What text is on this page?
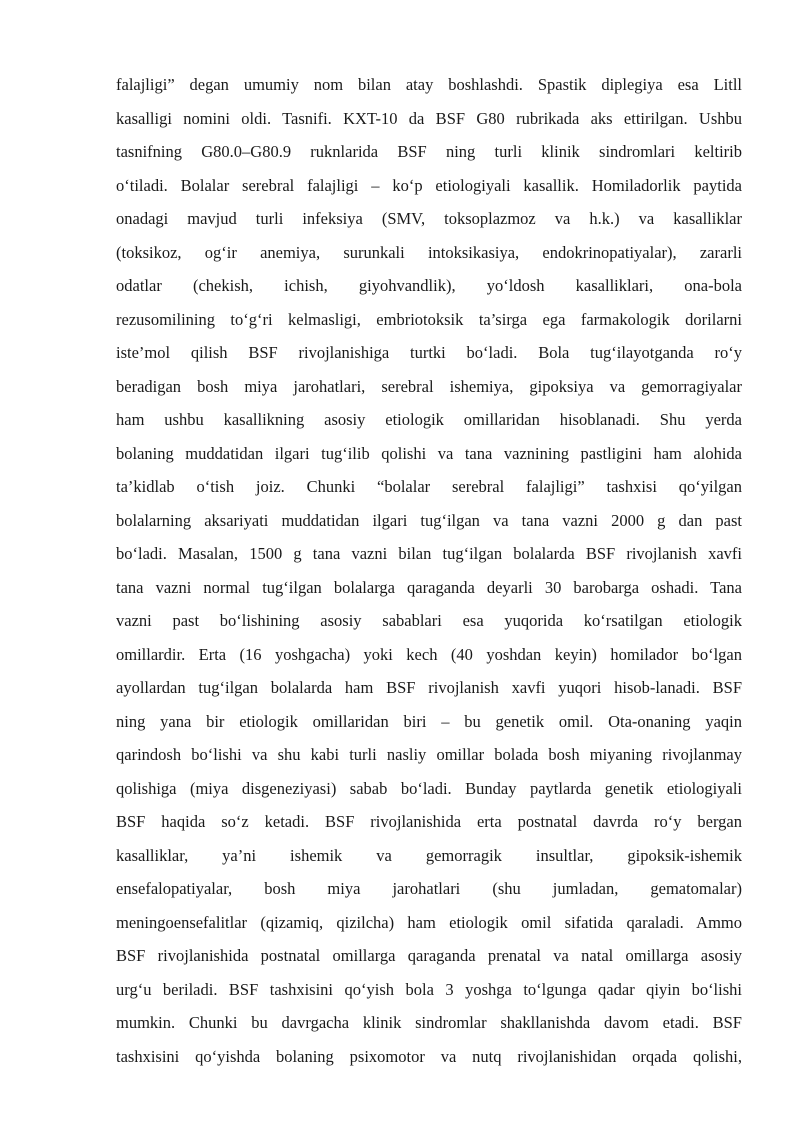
falajligi” degan umumiy nom bilan atay boshlashdi. Spastik diplegiya esa Litll
kasalligi nomini oldi. Tasnifi. KXT-10 da BSF G80 rubrikada aks ettirilgan. Ushbu
tasnifning G80.0–G80.9 ruknlarida BSF ning turli klinik sindromlari keltirib
o‘tiladi. Bolalar serebral falajligi – ko‘p etiologiyali kasallik. Homiladorlik paytida
onadagi mavjud turli infeksiya (SMV, toksoplazmoz va h.k.) va kasalliklar
(toksikoz, og‘ir anemiya, surunkali intoksikasiya, endokrinopatiyalar), zararli
odatlar (chekish, ichish, giyohvandlik), yo‘ldosh kasalliklari, ona-bola
rezusomilining to‘g‘ri kelmasligi, embriotoksik ta’sirga ega farmakologik dorilarni
iste’mol qilish BSF rivojlanishiga turtki bo‘ladi. Bola tug‘ilayotganda ro‘y
beradigan bosh miya jarohatlari, serebral ishemiya, gipoksiya va gemorragiyalar
ham ushbu kasallikning asosiy etiologik omillaridan hisoblanadi. Shu yerda
bolaning muddatidan ilgari tug‘ilib qolishi va tana vaznining pastligini ham alohida
ta’kidlab o‘tish joiz. Chunki “bolalar serebral falajligi” tashxisi qo‘yilgan
bolalarning aksariyati muddatidan ilgari tug‘ilgan va tana vazni 2000 g dan past
bo‘ladi. Masalan, 1500 g tana vazni bilan tug‘ilgan bolalarda BSF rivojlanish xavfi
tana vazni normal tug‘ilgan bolalarga qaraganda deyarli 30 barobarga oshadi. Tana
vazni past bo‘lishining asosiy sabablari esa yuqorida ko‘rsatilgan etiologik
omillardir. Erta (16 yoshgacha) yoki kech (40 yoshdan keyin) homilador bo‘lgan
ayollardan tug‘ilgan bolalarda ham BSF rivojlanish xavfi yuqori hisob-lanadi. BSF
ning yana bir etiologik omillaridan biri – bu genetik omil. Ota-onaning yaqin
qarindosh bo‘lishi va shu kabi turli nasliy omillar bolada bosh miyaning rivojlanmay
qolishiga (miya disgeneziyasi) sabab bo‘ladi. Bunday paytlarda genetik etiologiyali
BSF haqida so‘z ketadi. BSF rivojlanishida erta postnatal davrda ro‘y bergan
kasalliklar, ya’ni ishemik va gemorragik insultlar, gipoksik-ishemik
ensefalopatiyalar, bosh miya jarohatlari (shu jumladan, gematomalar)
meningoensefalitlar (qizamiq, qizilcha) ham etiologik omil sifatida qaraladi. Ammo
BSF rivojlanishida postnatal omillarga qaraganda prenatal va natal omillarga asosiy
urg‘u beriladi. BSF tashxisini qo‘yish bola 3 yoshga to‘lgunga qadar qiyin bo‘lishi
mumkin. Chunki bu davrgacha klinik sindromlar shakllanishda davom etadi. BSF
tashxisini qo‘yishda bolaning psixomotor va nutq rivojlanishidan orqada qolishi,
